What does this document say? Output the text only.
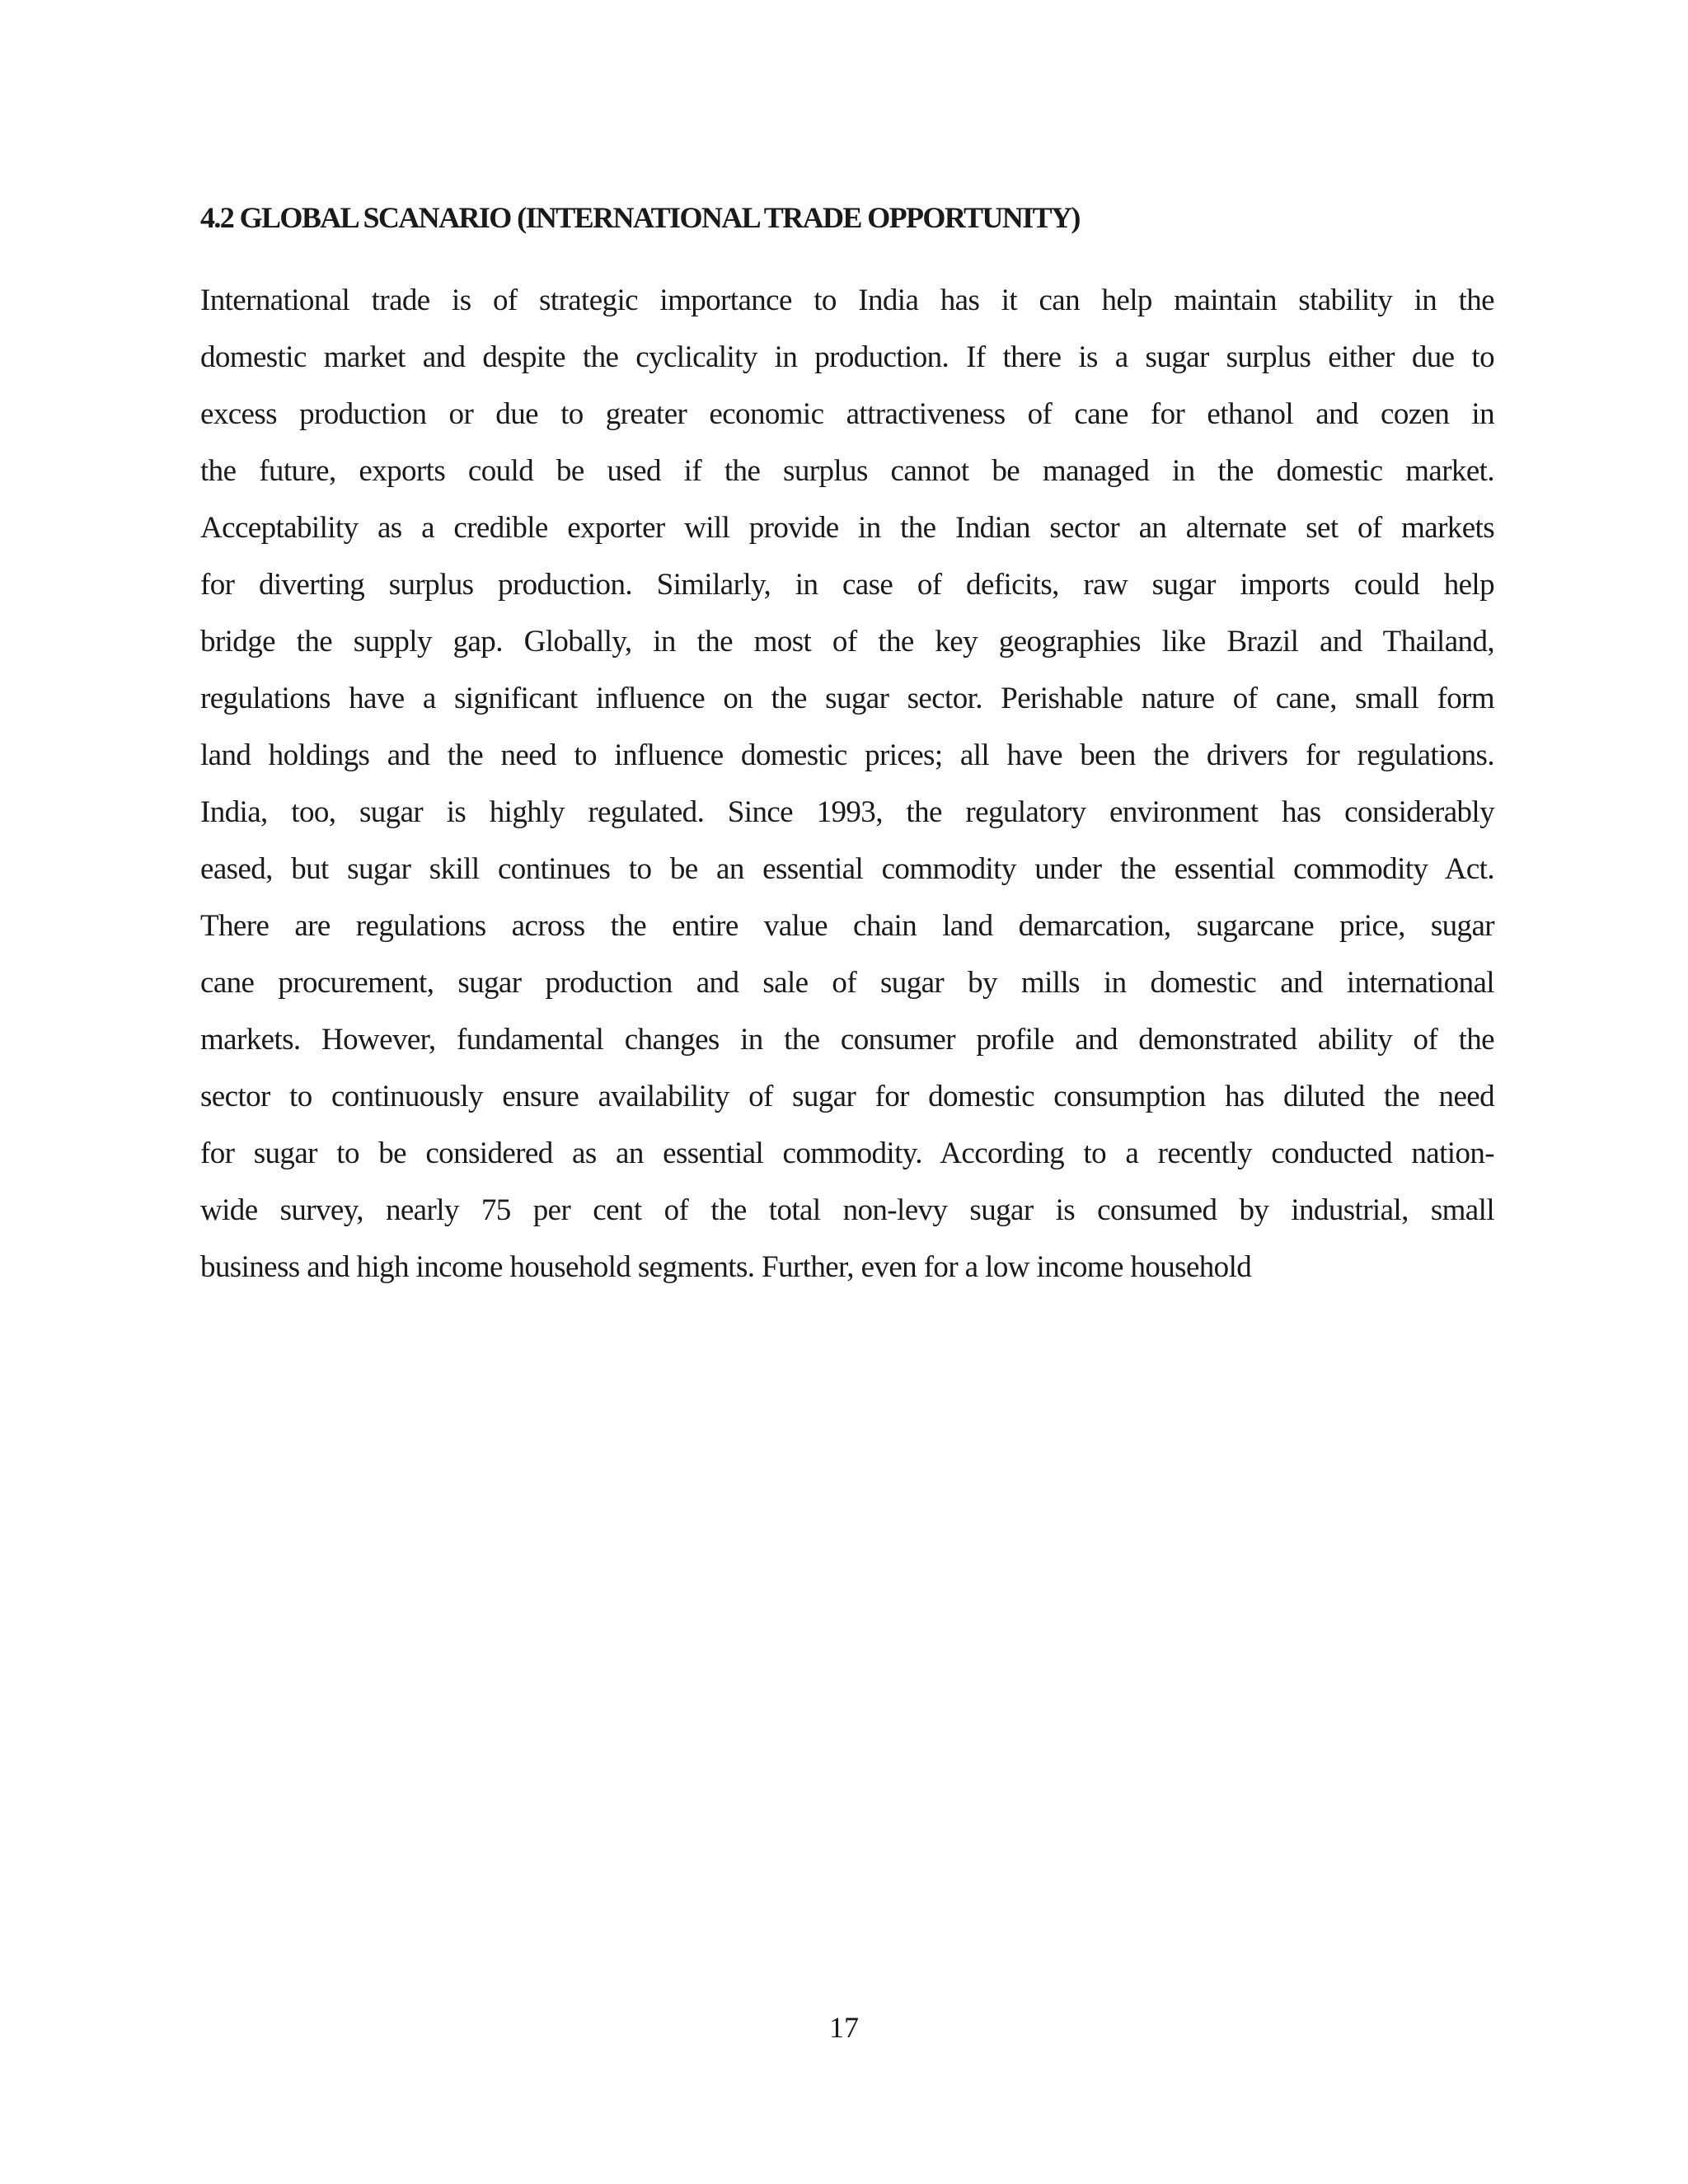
4.2 GLOBAL SCANARIO (INTERNATIONAL TRADE OPPORTUNITY)
International trade is of strategic importance to India has it can help maintain stability in the
domestic market and despite the cyclicality in production. If there is a sugar surplus either due to
excess production or due to greater economic attractiveness of cane for ethanol and cozen in
the future, exports could be used if the surplus cannot be managed in the domestic market.
Acceptability as a credible exporter will provide in the Indian sector an alternate set of markets
for diverting surplus production. Similarly, in case of deficits, raw sugar imports could help
bridge the supply gap. Globally, in the most of the key geographies like Brazil and Thailand,
regulations have a significant influence on the sugar sector. Perishable nature of cane, small form
land holdings and the need to influence domestic prices; all have been the drivers for regulations.
India, too, sugar is highly regulated. Since 1993, the regulatory environment has considerably
eased, but sugar skill continues to be an essential commodity under the essential commodity Act.
There are regulations across the entire value chain land demarcation, sugarcane price, sugar
cane procurement, sugar production and sale of sugar by mills in domestic and international
markets. However, fundamental changes in the consumer profile and demonstrated ability of the
sector to continuously ensure availability of sugar for domestic consumption has diluted the need
for sugar to be considered as an essential commodity. According to a recently conducted nation-
wide survey, nearly 75 per cent of the total non-levy sugar is consumed by industrial, small
business and high income household segments. Further, even for a low income household
17
